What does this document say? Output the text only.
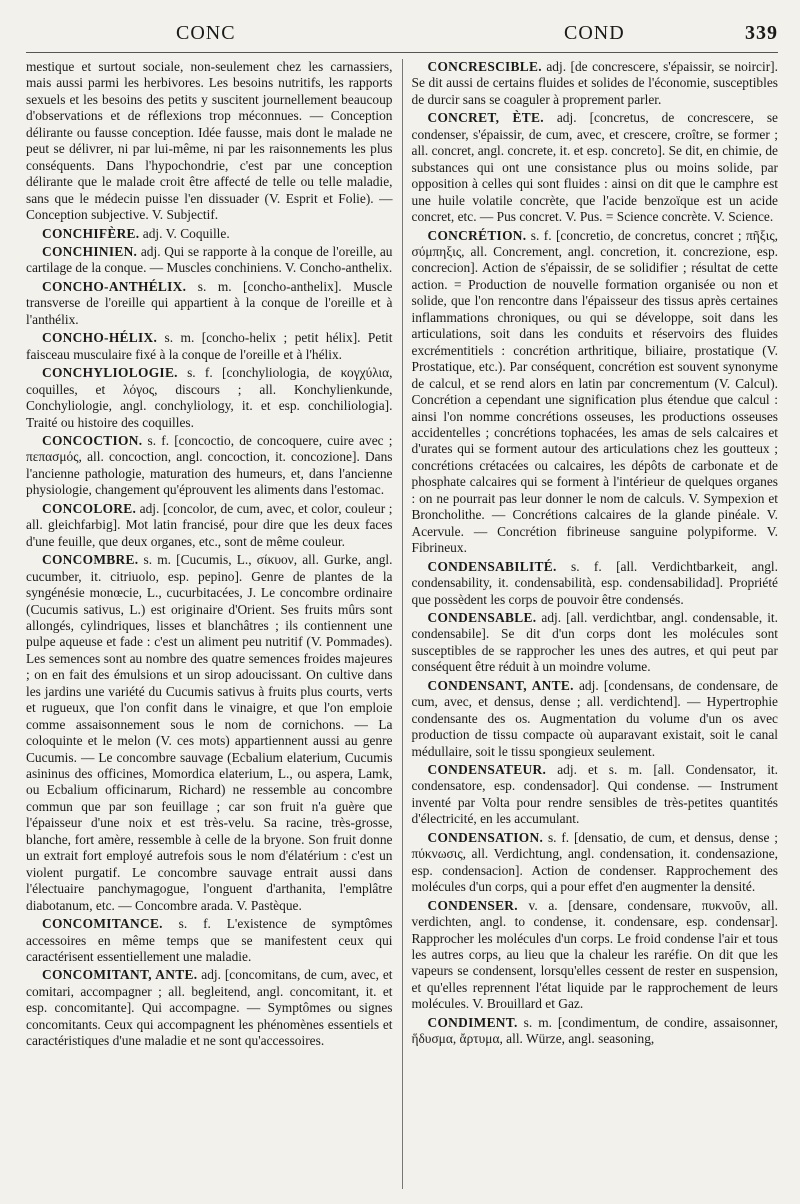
CONC	COND	339

mestique et surtout sociale, non-seulement chez les carnassiers, mais aussi parmi les herbivores. Les besoins nutritifs, les rapports sexuels et les besoins des petits y suscitent journellement beaucoup d'observations et de réflexions trop méconnues. — Conception délirante ou fausse conception. Idée fausse, mais dont le malade ne peut se délivrer, ni par lui-même, ni par les raisonnements les plus conséquents. Dans l'hypochondrie, c'est par une conception délirante que le malade croit être affecté de telle ou telle maladie, sans que le médecin puisse l'en dissuader (V. Esprit et Folie). — Conception subjective. V. Subjectif.

CONCHIFÈRE. adj. V. Coquille.

CONCHINIEN. adj. Qui se rapporte à la conque de l'oreille, au cartilage de la conque. — Muscles conchiniens. V. Concho-anthelix.

CONCHO-ANTHÉLIX. s. m. [concho-anthelix]. Muscle transverse de l'oreille qui appartient à la conque de l'oreille et à l'anthélix.

CONCHO-HÉLIX. s. m. [concho-helix ; petit hélix]. Petit faisceau musculaire fixé à la conque de l'oreille et à l'hélix.

CONCHYLIOLOGIE. s. f. [conchyliologia, de κογχύλια, coquilles, et λόγος, discours ; all. Konchylienkunde, Conchyliologie, angl. conchyliology, it. et esp. conchiliologia]. Traité ou histoire des coquilles.

CONCOCTION. s. f. [concoctio, de concoquere, cuire avec ; πεπασμός, all. concoction, angl. concoction, it. concozione]. Dans l'ancienne pathologie, maturation des humeurs, et, dans l'ancienne physiologie, changement qu'éprouvent les aliments dans l'estomac.

CONCOLORE. adj. [concolor, de cum, avec, et color, couleur ; all. gleichfarbig]. Mot latin francisé, pour dire que les deux faces d'une feuille, que deux organes, etc., sont de même couleur.

CONCOMBRE. s. m. [Cucumis, L., σίκυον, all. Gurke, angl. cucumber, it. citriuolo, esp. pepino]. Genre de plantes de la syngénésie monœcie, L., cucurbitacées, J. Le concombre ordinaire (Cucumis sativus, L.) est originaire d'Orient. Ses fruits mûrs sont allongés, cylindriques, lisses et blanchâtres ; ils contiennent une pulpe aqueuse et fade : c'est un aliment peu nutritif (V. Pommades). Les semences sont au nombre des quatre semences froides majeures ; on en fait des émulsions et un sirop adoucissant. On cultive dans les jardins une variété du Cucumis sativus à fruits plus courts, verts et rugueux, que l'on confit dans le vinaigre, et que l'on emploie comme assaisonnement sous le nom de cornichons. — La coloquinte et le melon (V. ces mots) appartiennent aussi au genre Cucumis. — Le concombre sauvage (Ecbalium elaterium, Cucumis asininus des officines, Momordica elaterium, L., ou aspera, Lamk, ou Ecbalium officinarum, Richard) ne ressemble au concombre commun que par son feuillage ; car son fruit n'a guère que l'épaisseur d'une noix et est très-velu. Sa racine, très-grosse, blanche, fort amère, ressemble à celle de la bryone. Son fruit donne un extrait fort employé autrefois sous le nom d'élatérium : c'est un violent purgatif. Le concombre sauvage entrait aussi dans l'électuaire panchymagogue, l'onguent d'arthanita, l'emplâtre diabotanum, etc. — Concombre arada. V. Pastèque.

CONCOMITANCE. s. f. L'existence de symptômes accessoires en même temps que se manifestent ceux qui caractérisent essentiellement une maladie.

CONCOMITANT, ANTE. adj. [concomitans, de cum, avec, et comitari, accompagner ; all. begleitend, angl. concomitant, it. et esp. concomitante]. Qui accompagne. — Symptômes ou signes concomitants. Ceux qui accompagnent les phénomènes essentiels et caractéristiques d'une maladie et ne sont qu'accessoires.

CONCRESCIBLE. adj. [de concrescere, s'épaissir, se noircir]. Se dit aussi de certains fluides et solides de l'économie, susceptibles de durcir sans se coaguler à proprement parler.

CONCRET, ÈTE. adj. [concretus, de concrescere, se condenser, s'épaissir, de cum, avec, et crescere, croître, se former ; all. concret, angl. concrete, it. et esp. concreto]. Se dit, en chimie, de substances qui ont une consistance plus ou moins solide, par opposition à celles qui sont fluides : ainsi on dit que le camphre est une huile volatile concrète, que l'acide benzoïque est un acide concret, etc. — Pus concret. V. Pus. = Science concrète. V. Science.

CONCRÉTION. s. f. [concretio, de concretus, concret ; πῆξις, σύμπηξις, all. Concrement, angl. concretion, it. concrezione, esp. concrecion]. Action de s'épaissir, de se solidifier ; résultat de cette action. = Production de nouvelle formation organisée ou non et solide, que l'on rencontre dans l'épaisseur des tissus après certaines inflammations chroniques, ou qui se développe, soit dans les articulations, soit dans les conduits et réservoirs des fluides excrémentitiels : concrétion arthritique, biliaire, prostatique (V. Prostatique, etc.). Par conséquent, concrétion est souvent synonyme de calcul, et se rend alors en latin par concrementum (V. Calcul). Concrétion a cependant une signification plus étendue que calcul : ainsi l'on nomme concrétions osseuses, les productions osseuses accidentelles ; concrétions tophacées, les amas de sels calcaires et d'urates qui se forment autour des articulations chez les goutteux ; concrétions crétacées ou calcaires, les dépôts de carbonate et de phosphate calcaires qui se forment à l'intérieur de quelques organes : on ne pourrait pas leur donner le nom de calculs. V. Sympexion et Broncholithe. — Concrétions calcaires de la glande pinéale. V. Acervule. — Concrétion fibrineuse sanguine polypiforme. V. Fibrineux.

CONDENSABILITÉ. s. f. [all. Verdichtbarkeit, angl. condensability, it. condensabilità, esp. condensabilidad]. Propriété que possèdent les corps de pouvoir être condensés.

CONDENSABLE. adj. [all. verdichtbar, angl. condensable, it. condensabile]. Se dit d'un corps dont les molécules sont susceptibles de se rapprocher les unes des autres, et qui peut par conséquent être réduit à un moindre volume.

CONDENSANT, ANTE. adj. [condensans, de condensare, de cum, avec, et densus, dense ; all. verdichtend]. — Hypertrophie condensante des os. Augmentation du volume d'un os avec production de tissu compacte où auparavant existait, soit le canal médullaire, soit le tissu spongieux seulement.

CONDENSATEUR. adj. et s. m. [all. Condensator, it. condensatore, esp. condensador]. Qui condense. — Instrument inventé par Volta pour rendre sensibles de très-petites quantités d'électricité, en les accumulant.

CONDENSATION. s. f. [densatio, de cum, et densus, dense ; πύκνωσις, all. Verdichtung, angl. condensation, it. condensazione, esp. condensacion]. Action de condenser. Rapprochement des molécules d'un corps, qui a pour effet d'en augmenter la densité.

CONDENSER. v. a. [densare, condensare, πυκνοῦν, all. verdichten, angl. to condense, it. condensare, esp. condensar]. Rapprocher les molécules d'un corps. Le froid condense l'air et tous les autres corps, au lieu que la chaleur les raréfie. On dit que les vapeurs se condensent, lorsqu'elles cessent de rester en suspension, et qu'elles reprennent l'état liquide par le rapprochement de leurs molécules. V. Brouillard et Gaz.

CONDIMENT. s. m. [condimentum, de condire, assaisonner, ἥδυσμα, ἄρτυμα, all. Würze, angl. seasoning,
